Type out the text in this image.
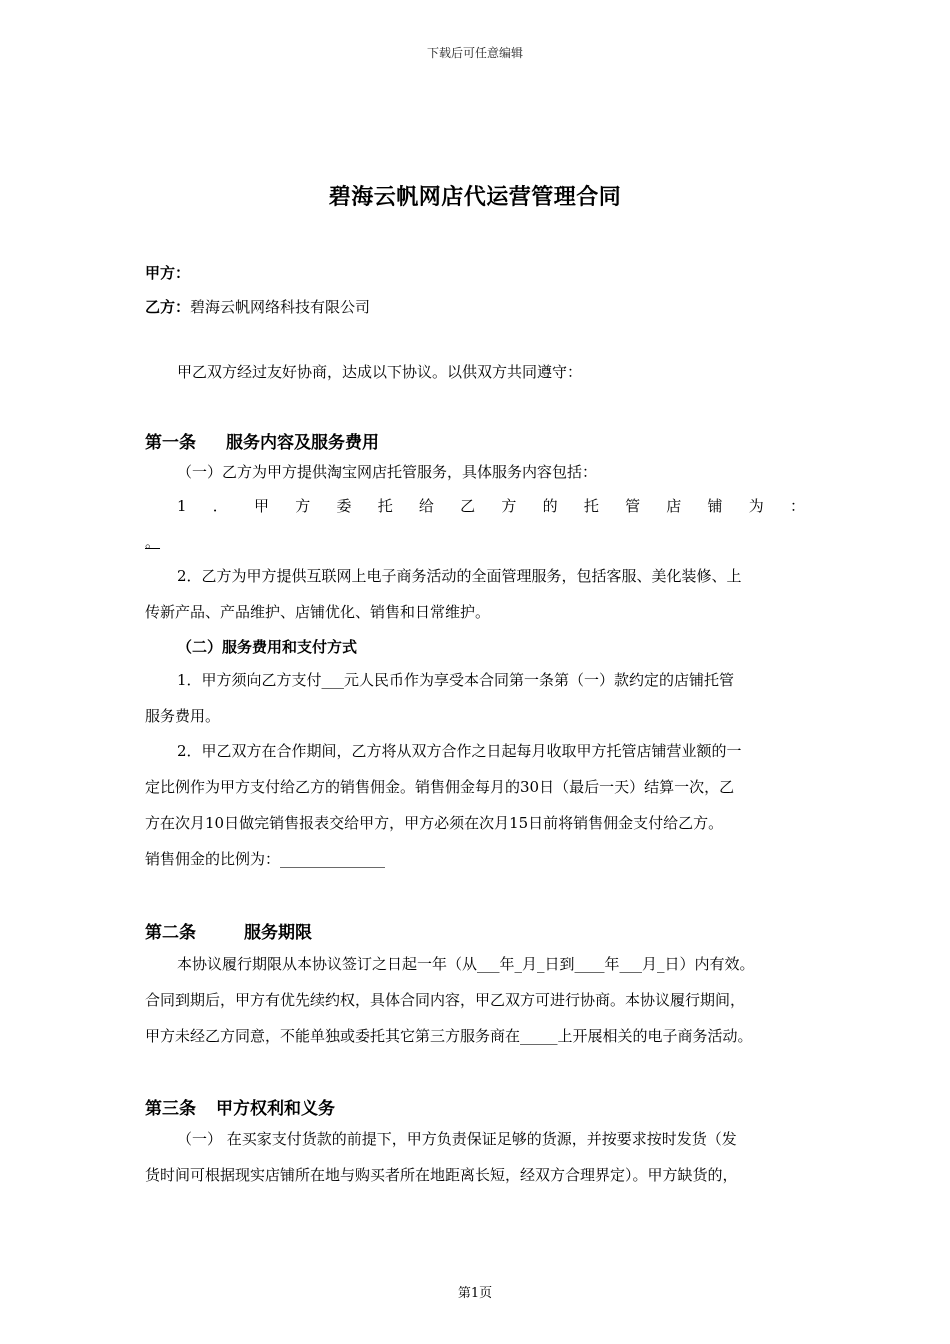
下载后可任意编辑
碧海云帆网店代运营管理合同
甲方：
乙方：碧海云帆网络科技有限公司
甲乙双方经过友好协商，达成以下协议。以供双方共同遵守：
第一条 服务内容及服务费用
（一）乙方为甲方提供淘宝网店托管服务，具体服务内容包括：
1．甲方委托给乙方的托管店铺为：
。
2．乙方为甲方提供互联网上电子商务活动的全面管理服务，包括客服、美化装修、上
传新产品、产品维护、店铺优化、销售和日常维护。
（二）服务费用和支付方式
1．甲方须向乙方支付___元人民币作为享受本合同第一条第（一）款约定的店铺托管
服务费用。
2．甲乙双方在合作期间，乙方将从双方合作之日起每月收取甲方托管店铺营业额的一
定比例作为甲方支付给乙方的销售佣金。销售佣金每月的30日（最后一天）结算一次，乙
方在次月10日做完销售报表交给甲方，甲方必须在次月15日前将销售佣金支付给乙方。
销售佣金的比例为：______________
第二条	服务期限
本协议履行期限从本协议签订之日起一年（从___年_月_日到____年___月_日）内有效。
合同到期后，甲方有优先续约权，具体合同内容，甲乙双方可进行协商。本协议履行期间，
甲方未经乙方同意，不能单独或委托其它第三方服务商在_____上开展相关的电子商务活动。
第三条 甲方权利和义务
（一） 在买家支付货款的前提下，甲方负责保证足够的货源，并按要求按时发货（发
货时间可根据现实店铺所在地与购买者所在地距离长短，经双方合理界定）。甲方缺货的，
第1页
